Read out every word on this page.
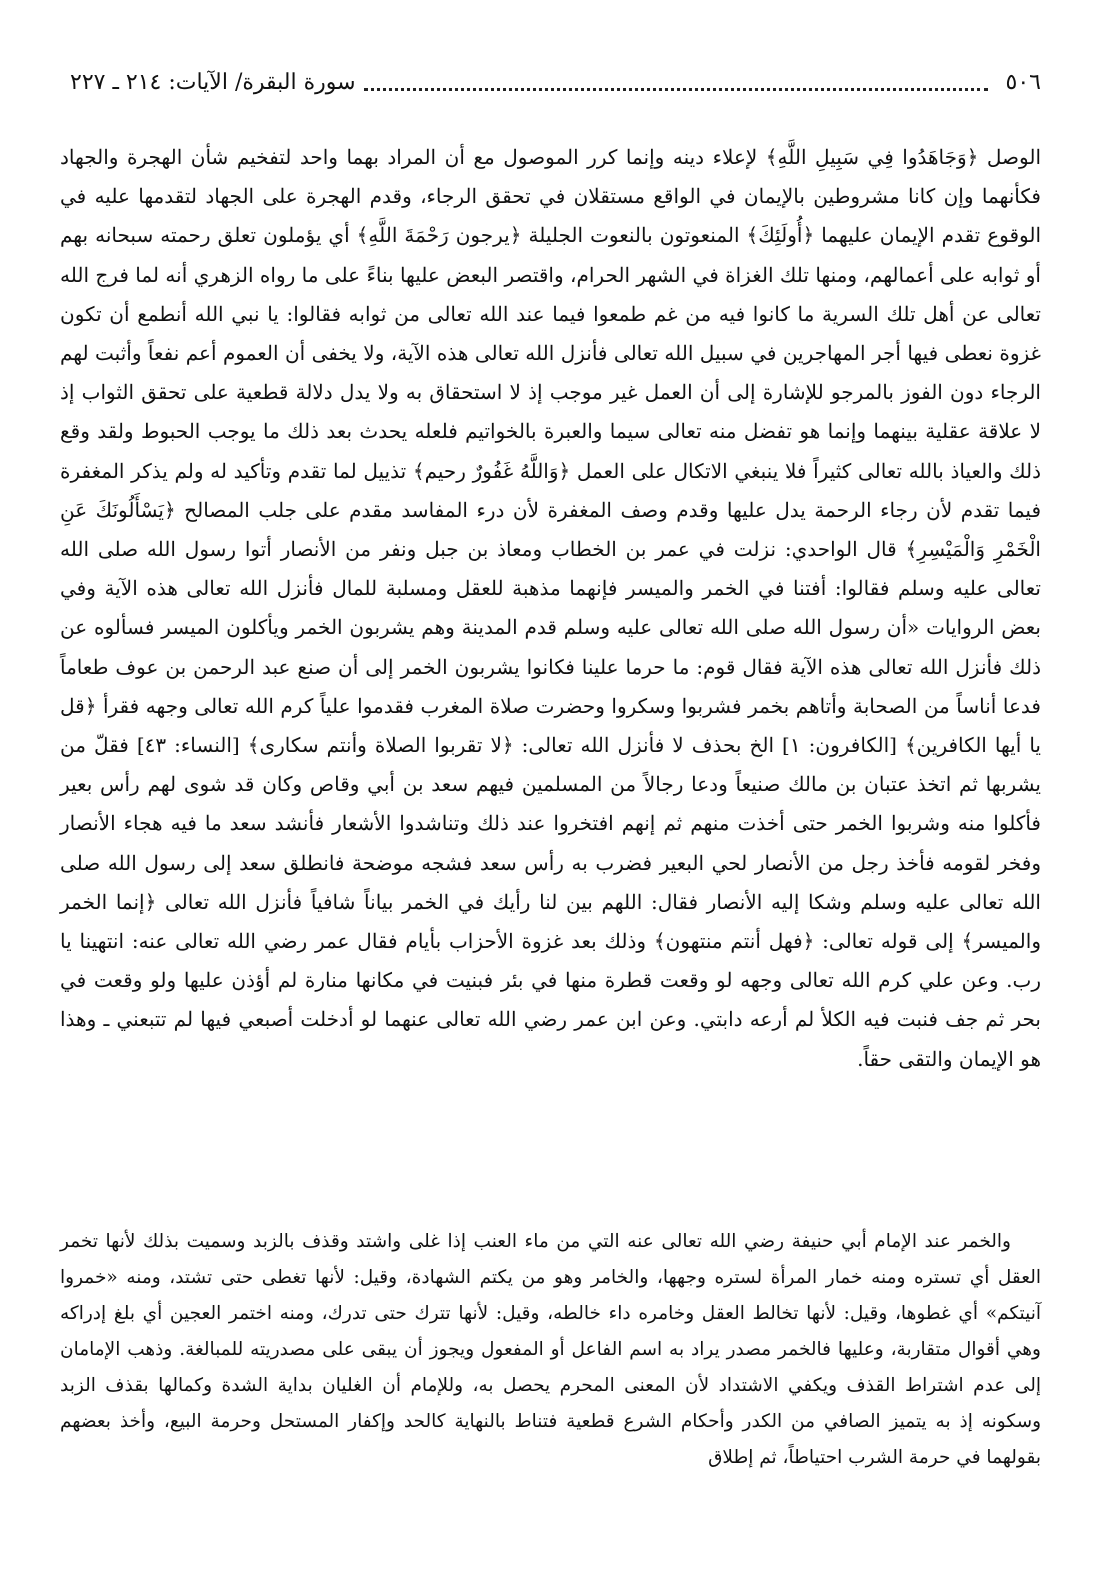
٥٠٦
سورة البقرة/ الآيات: ٢١٤ ـ ٢٢٧

الوصل ﴿وَجَاهَدُوا فِي سَبِيلِ اللَّهِ﴾ لإعلاء دينه وإنما كرر الموصول مع أن المراد بهما واحد لتفخيم شأن الهجرة والجهاد فكأنهما وإن كانا مشروطين بالإيمان في الواقع مستقلان في تحقق الرجاء، وقدم الهجرة على الجهاد لتقدمها عليه في الوقوع تقدم الإيمان عليهما ﴿أُولَئِكَ﴾ المنعوتون بالنعوت الجليلة ﴿يرجون رَحْمَةَ اللَّهِ﴾ أي يؤملون تعلق رحمته سبحانه بهم أو ثوابه على أعمالهم، ومنها تلك الغزاة في الشهر الحرام، واقتصر البعض عليها بناءً على ما رواه الزهري أنه لما فرج الله تعالى عن أهل تلك السرية ما كانوا فيه من غم طمعوا فيما عند الله تعالى من ثوابه فقالوا: يا نبي الله أنطمع أن تكون غزوة نعطى فيها أجر المهاجرين في سبيل الله تعالى فأنزل الله تعالى هذه الآية، ولا يخفى أن العموم أعم نفعاً وأثبت لهم الرجاء دون الفوز بالمرجو للإشارة إلى أن العمل غير موجب إذ لا استحقاق به ولا يدل دلالة قطعية على تحقق الثواب إذ لا علاقة عقلية بينهما وإنما هو تفضل منه تعالى سيما والعبرة بالخواتيم فلعله يحدث بعد ذلك ما يوجب الحبوط ولقد وقع ذلك والعياذ بالله تعالى كثيراً فلا ينبغي الاتكال على العمل ﴿وَاللَّهُ غَفُورٌ رحيم﴾ تذييل لما تقدم وتأكيد له ولم يذكر المغفرة فيما تقدم لأن رجاء الرحمة يدل عليها وقدم وصف المغفرة لأن درء المفاسد مقدم على جلب المصالح ﴿يَسْأَلُونَكَ عَنِ الْخَمْرِ وَالْمَيْسِرِ﴾ قال الواحدي: نزلت في عمر بن الخطاب ومعاذ بن جبل ونفر من الأنصار أتوا رسول الله صلى الله تعالى عليه وسلم فقالوا: أفتنا في الخمر والميسر فإنهما مذهبة للعقل ومسلبة للمال فأنزل الله تعالى هذه الآية وفي بعض الروايات «أن رسول الله صلى الله تعالى عليه وسلم قدم المدينة وهم يشربون الخمر ويأكلون الميسر فسألوه عن ذلك فأنزل الله تعالى هذه الآية فقال قوم: ما حرما علينا فكانوا يشربون الخمر إلى أن صنع عبد الرحمن بن عوف طعاماً فدعا أناساً من الصحابة وأتاهم بخمر فشربوا وسكروا وحضرت صلاة المغرب فقدموا علياً كرم الله تعالى وجهه فقرأ ﴿قل يا أيها الكافرين﴾ [الكافرون: ١] الخ بحذف لا فأنزل الله تعالى: ﴿لا تقربوا الصلاة وأنتم سكارى﴾ [النساء: ٤٣] فقلّ من يشربها ثم اتخذ عتبان بن مالك صنيعاً ودعا رجالاً من المسلمين فيهم سعد بن أبي وقاص وكان قد شوى لهم رأس بعير فأكلوا منه وشربوا الخمر حتى أخذت منهم ثم إنهم افتخروا عند ذلك وتناشدوا الأشعار فأنشد سعد ما فيه هجاء الأنصار وفخر لقومه فأخذ رجل من الأنصار لحي البعير فضرب به رأس سعد فشجه موضحة فانطلق سعد إلى رسول الله صلى الله تعالى عليه وسلم وشكا إليه الأنصار فقال: اللهم بين لنا رأيك في الخمر بياناً شافياً فأنزل الله تعالى ﴿إنما الخمر والميسر﴾ إلى قوله تعالى: ﴿فهل أنتم منتهون﴾ وذلك بعد غزوة الأحزاب بأيام فقال عمر رضي الله تعالى عنه: انتهينا يا رب. وعن علي كرم الله تعالى وجهه لو وقعت قطرة منها في بئر فبنيت في مكانها منارة لم أؤذن عليها ولو وقعت في بحر ثم جف فنبت فيه الكلأ لم أرعه دابتي. وعن ابن عمر رضي الله تعالى عنهما لو أدخلت أصبعي فيها لم تتبعني ـ وهذا هو الإيمان والتقى حقاً.

والخمر عند الإمام أبي حنيفة رضي الله تعالى عنه التي من ماء العنب إذا غلى واشتد وقذف بالزبد وسميت بذلك لأنها تخمر العقل أي تستره ومنه خمار المرأة لستره وجهها، والخامر وهو من يكتم الشهادة، وقيل: لأنها تغطى حتى تشتد، ومنه «خمروا آنيتكم» أي غطوها، وقيل: لأنها تخالط العقل وخامره داء خالطه، وقيل: لأنها تترك حتى تدرك، ومنه اختمر العجين أي بلغ إدراكه وهي أقوال متقاربة، وعليها فالخمر مصدر يراد به اسم الفاعل أو المفعول ويجوز أن يبقى على مصدريته للمبالغة. وذهب الإمامان إلى عدم اشتراط القذف ويكفي الاشتداد لأن المعنى المحرم يحصل به، وللإمام أن الغليان بداية الشدة وكمالها بقذف الزبد وسكونه إذ به يتميز الصافي من الكدر وأحكام الشرع قطعية فتناط بالنهاية كالحد وإكفار المستحل وحرمة البيع، وأخذ بعضهم بقولهما في حرمة الشرب احتياطاً، ثم إطلاق
